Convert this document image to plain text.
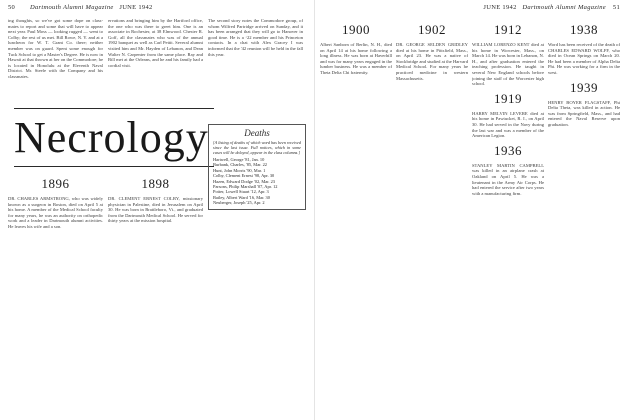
50 Dartmouth Alumni Magazine JUNE 1942

ing thoughts, so we've got some dope on class-mates to report and some that will have to appear next year. Paul Moss — looking rugged — went to Colby; the rest of us met. Bill Rowe, N. Y. and at a luncheon for W. T. Grant Co. there; neither member was on guard. Spent some enough for Tuck School to get a Master's Degree. He is now in Hawaii at that thrown at her on the Commodore; he is located in Honolulu at the Eleventh Naval District. Mr. Steele with the Company and his classmates.

ervations and bringing him by the Hartford office, the one who was there to greet him. One is an associate in Rochester, at 38 Elmwood. Chester R. Goff, all the classmates who was of the annual 1902 banquet as well as Carl Pettit. Several alumni visited him and Mr. Hayden of Lebanon, and Dean Walter N. Carpenter from the same place. Ray and Bill met at the Orleans, and he and his family had a cordial visit.

The second story notes the Commodore group, of whom Wilfred Partridge arrived on Sunday, and it has been arranged that they will go to Hanover in good time. He is a ‘22 member and his Princeton contacts. In a chat with Alex Gracey I was informed that the '42 reunion will be held in the fall this year.

Necrology
1896

DR. CHARLES ARMSTRONG, who was widely known as a surgeon in Boston, died on April 5 at his home. A member of the Medical School faculty for many years, he was an authority on orthopedic work and a leader in Dartmouth alumni activities. He leaves his wife and a son.

1898

DR. CLEMENT ERNEST COLBY, missionary physician in Palestine, died in Jerusalem on April 30. He was born in Brattleboro, Vt., and graduated from the Dartmouth Medical School. He served for thirty years at the mission hospital.

Deaths

[A listing of deaths of which word has been received since the last issue. Full notices, which in some cases will be delayed, appear in the class columns.]

Hartwell, George '81, Jan. 10

Burbank, Charles, '85, Mar. 22

Hunt, John Morris '90, Mar. 1

Colby, Clement Ernest '98, Apr. 30

Hazen, Edward Dodge '02, Mar. 23

Parsons, Philip Marshall '07, Apr. 12

Potter, Lowell Stuart '12, Apr. 3

Bailey, Albert Ward '16, Mar. 30

Neuberger, Joseph '25, Apr. 2

JUNE 1942 Dartmouth Alumni Magazine 51
1900

Albert Sanborn of Berlin, N. H., died on April 14 at his home following a long illness. He was born at Haverhill and was for many years engaged in the lumber business. He was a member of Theta Delta Chi fraternity.

1902

DR. GEORGE SELDEN GRIDLEY died at his home in Pittsfield, Mass., on April 23. He was a native of Stockbridge and studied at the Harvard Medical School. For many years he practiced medicine in western Massachusetts.

1912

WILLIAM LORENZO KENT died at his home in Worcester, Mass., on March 14. He was born in Lebanon, N. H., and after graduation entered the teaching profession. He taught in several New England schools before joining the staff of the Worcester high school.

1919

HARRY MELVIN LEVERE died at his home in Pawtucket, R. I., on April 30. He had served in the Navy during the last war and was a member of the American Legion.

1936

STANLEY MARTIN CAMPBELL was killed in an airplane crash at Oakland on April 5. He was a lieutenant in the Army Air Corps. He had entered the service after two years with a manufacturing firm.

1938

Word has been received of the death of CHARLES EDWARD WOLFF, who died in Ocean Springs on March 20. He had been a member of Alpha Delta Phi. He was working for a firm in the west.

1939

HENRY BOYER FLAGSTAFF, Phi Delta Theta, was killed in action. He was from Springfield, Mass., and had entered the Naval Reserve upon graduation.
